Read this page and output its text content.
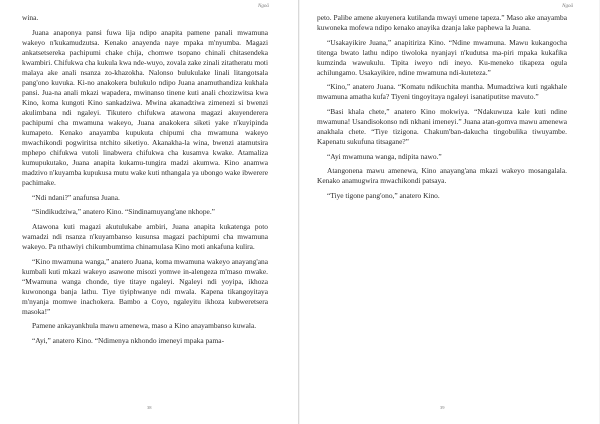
Ngoā

wina.

Juana anaponya pansi fuwa lija ndipo anapita pamene panali mwamuna wakeyo n'kukamudzutsa. Kenako anayenda naye mpaka m'nyumba. Magazi ankatsetsereka pachipumi chake chija, chomwe tsopano chinali chitasendeka kwambiri. Chifukwa cha kukula kwa nde-wuyo, zovala zake zinali zitatheratu moti malaya ake anali nsanza zo-khazokha. Nalonso bulukulake linali litangotsala pang'ono kuvuka. Ki-no anakokera bulukulo ndipo Juana anamuthandiza kukhala pansi. Jua-na anali mkazi wapadera, mwinanso tinene kuti anali chozizwitsa kwa Kino, koma kungoti Kino sankadziwa. Mwina akanadziwa zimenezi si bwenzi akulimbana ndi ngaleyi. Tikutero chifukwa atawona magazi akuyenderera pachipumi cha mwamuna wakeyo, Juana anakokera siketi yake n'kuyipinda kumapeto. Kenako anayamba kupukuta chipumi cha mwamuna wakeyo mwachikondi pogwiritsa ntchito siketiyo. Akanakha-la wina, bwenzi atamutsira mphepo chifukwa vutoli linabwera chifukwa cha kusamva kwake. Atamaliza kumupukutako, Juana anapita kukamu-tungira madzi akumwa. Kino anamwa madzivo n'kuyamba kupukusa mutu wake kuti nthangala ya ubongo wake ibwerere pachimake.

“Ndi ndani?” anafunsa Juana.

“Sindikudziwa,” anatero Kino. “Sindinamuyang'ane nkhope.”

Atawona kuti magazi akutulukabe ambiri, Juana anapita kukatenga poto wamadzi ndi nsanza n'kuyambanso kusunsa magazi pachipumi cha mwamuna wakeyo. Pa nthawiyi chikumbumtima chinamulasa Kino moti ankafuna kulira.

“Kino mwamuna wanga,” anatero Juana, koma mwamuna wakeyo anayang'ana kumbali kuti mkazi wakeyo asawone misozi yomwe in-alengeza m'maso mwake. “Mwamuna wanga chonde, tiye titaye ngaleyi. Ngaleyi ndi yoyipa, ikhoza kuwononga banja lathu. Tiye tiyiphwanye ndi mwala. Kapena tikangoyitaya m'nyanja momwe inachokera. Bambo a Coyo, ngaleyitu ikhoza kubweretsera masoka!”

Pamene ankayankhula mawu amenewa, maso a Kino anayambanso kuwala.

“Ayi,” anatero Kino. “Ndimenya nkhondo imeneyi mpaka pama-

38
Ngoā

peto. Palibe amene akuyenera kutilanda mwayi umene tapeza.” Maso ake anayamba kuwoneka mofewa ndipo kenako anayika dzanja lake paphewa la Juana.

“Usakayikire Juana,” anapitiriza Kino. “Ndine mwamuna. Mawu kukangocha titenga bwato lathu ndipo tiwoloka nyanjayi n'kudutsa ma-piri mpaka kukafika kumzinda wawukulu. Tipita iweyo ndi ineyo. Ku-meneko tikapeza ogula achilungamo. Usakayikire, ndine mwamuna ndi-kuteteza.”

“Kino,” anatero Juana. “Komatu ndikuchita mantha. Mumadziwa kuti ngakhale mwamuna amatha kufa? Tiyeni tingoyitaya ngaleyi isanatiputitse mavuto.”

“Basi khala chete,” anatero Kino mokwiya. “Ndakuwuza kale kuti ndine mwamuna! Usandisokonso ndi nkhani imeneyi.” Juana atan-gomva mawu amenewa anakhala chete. “Tiye tizigona. Chakum'ban-dakucha tingobulika tiwuyambe. Kapenatu sukufuna titsagane?”

“Ayi mwamuna wanga, ndipita nawo.”

Atangonena mawu amenewa, Kino anayang'ana mkazi wakeyo mosangalala. Kenako anamugwira mwachikondi patsaya.

“Tiye tigone pang'ono,” anatero Kino.

39
